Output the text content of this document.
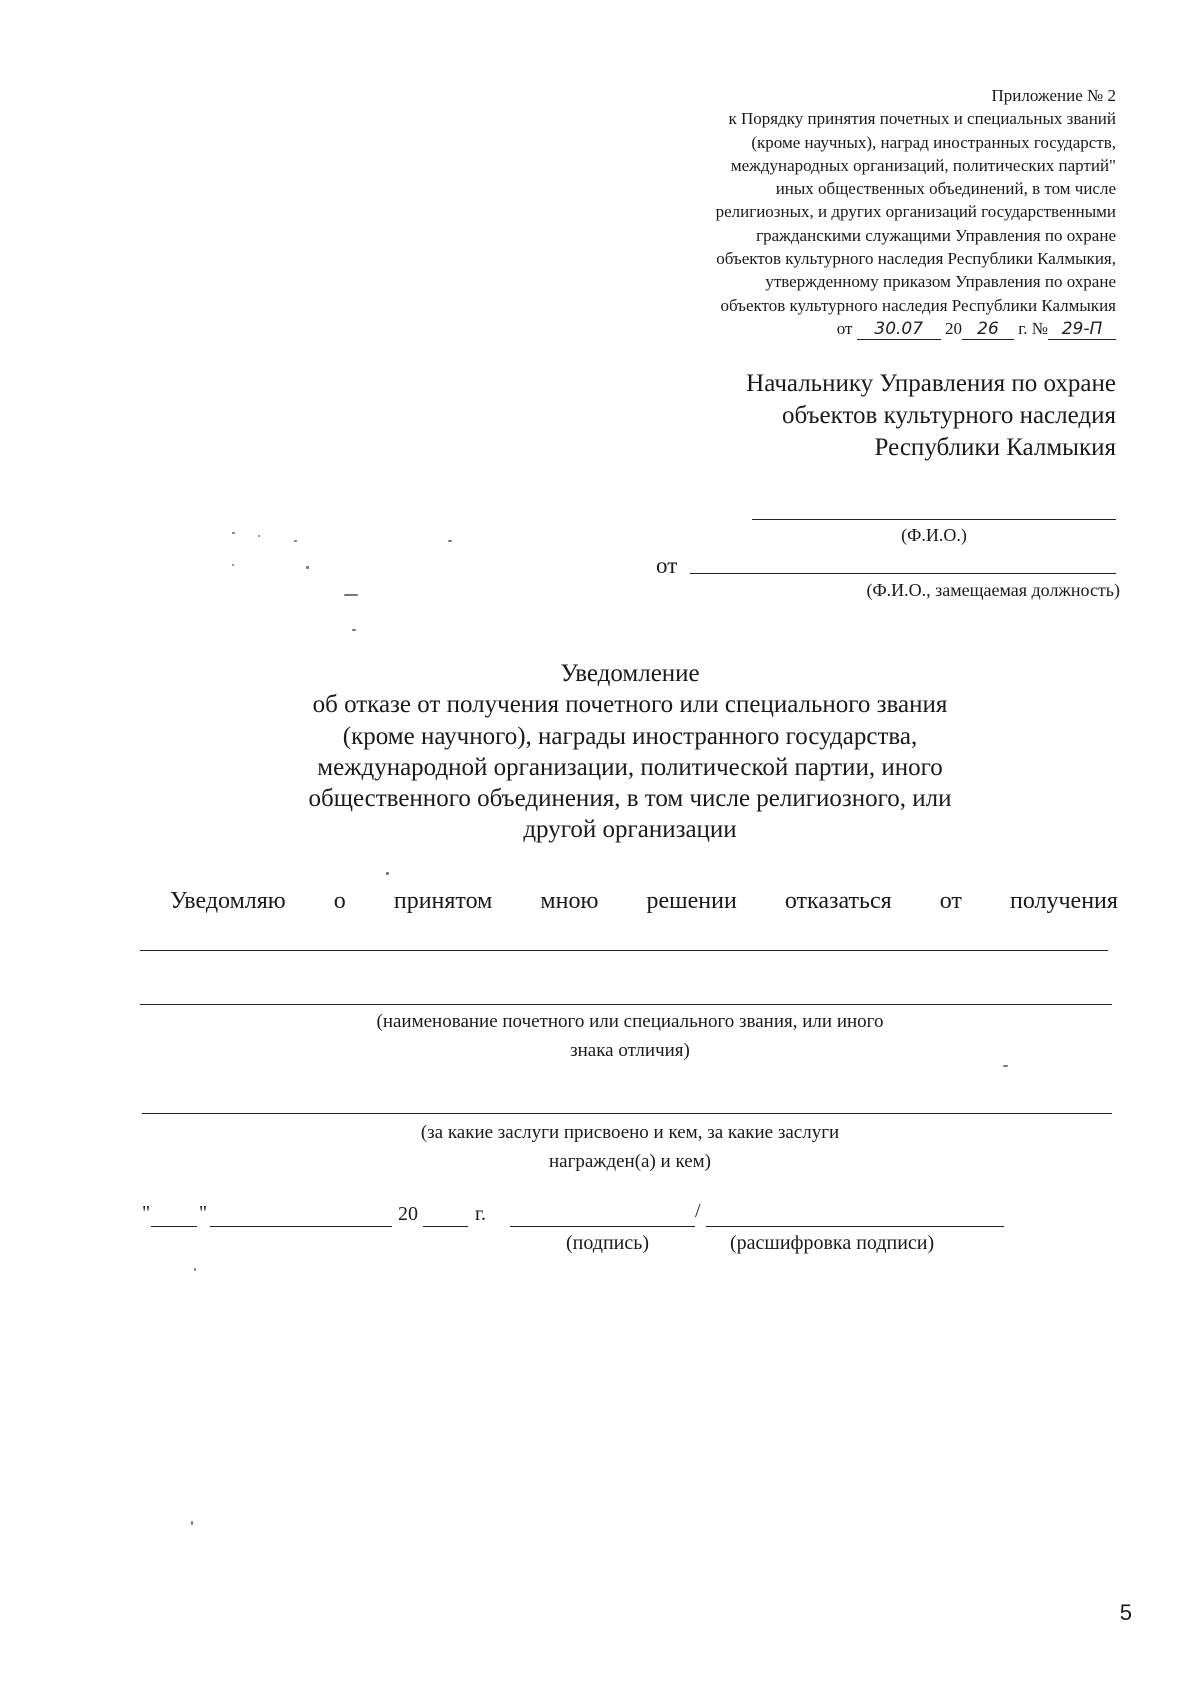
Приложение № 2
к Порядку принятия почетных и специальных званий
(кроме научных), наград иностранных государств,
международных организаций, политических партий"
иных общественных объединений, в том числе
религиозных, и других организаций государственными
гражданскими служащими Управления по охране
объектов культурного наследия Республики Калмыкия,
утвержденному приказом Управления по охране
объектов культурного наследия Республики Калмыкия
от 30.07 20 26 г. № 29-П
Начальнику Управления по охране
объектов культурного наследия
Республики Калмыкия
(Ф.И.О.)
от
(Ф.И.О., замещаемая должность)
Уведомление
об отказе от получения почетного или специального звания
(кроме научного), награды иностранного государства,
международной организации, политической партии, иного
общественного объединения, в том числе религиозного, или
другой организации
Уведомляю о принятом мною решении отказаться от получения
(наименование почетного или специального звания, или иного
знака отличия)
(за какие заслуги присвоено и кем, за какие заслуги
награжден(а) и кем)
" "	20	г.	/
(подпись)	(расшифровка подписи)
5
